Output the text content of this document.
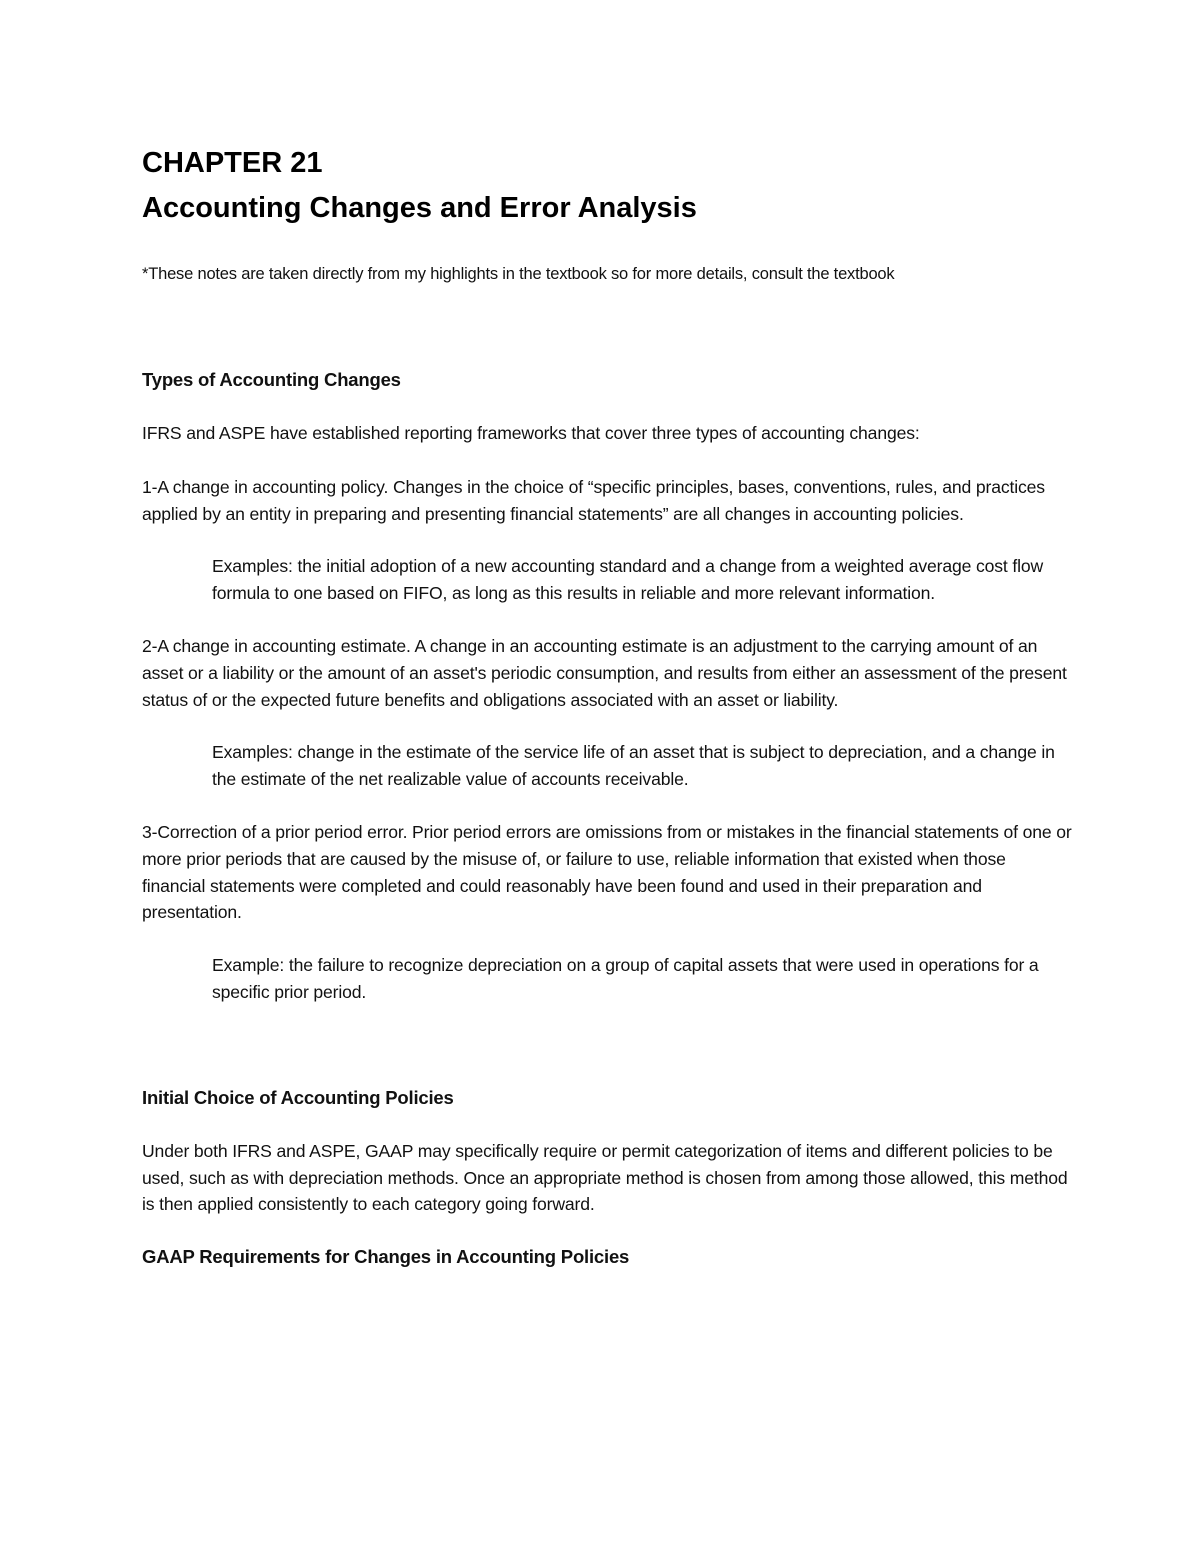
CHAPTER 21
Accounting Changes and Error Analysis

*These notes are taken directly from my highlights in the textbook so for more details, consult the textbook

Types of Accounting Changes

IFRS and ASPE have established reporting frameworks that cover three types of accounting changes:

1-A change in accounting policy. Changes in the choice of “specific principles, bases, conventions, rules, and practices applied by an entity in preparing and presenting financial statements” are all changes in accounting policies.

Examples: the initial adoption of a new accounting standard and a change from a weighted average cost flow formula to one based on FIFO, as long as this results in reliable and more relevant information.

2-A change in accounting estimate. A change in an accounting estimate is an adjustment to the carrying amount of an asset or a liability or the amount of an asset's periodic consumption, and results from either an assessment of the present status of or the expected future benefits and obligations associated with an asset or liability.

Examples: change in the estimate of the service life of an asset that is subject to depreciation, and a change in the estimate of the net realizable value of accounts receivable.

3-Correction of a prior period error. Prior period errors are omissions from or mistakes in the financial statements of one or more prior periods that are caused by the misuse of, or failure to use, reliable information that existed when those financial statements were completed and could reasonably have been found and used in their preparation and presentation.

Example: the failure to recognize depreciation on a group of capital assets that were used in operations for a specific prior period.

Initial Choice of Accounting Policies

Under both IFRS and ASPE, GAAP may specifically require or permit categorization of items and different policies to be used, such as with depreciation methods. Once an appropriate method is chosen from among those allowed, this method is then applied consistently to each category going forward.

GAAP Requirements for Changes in Accounting Policies
